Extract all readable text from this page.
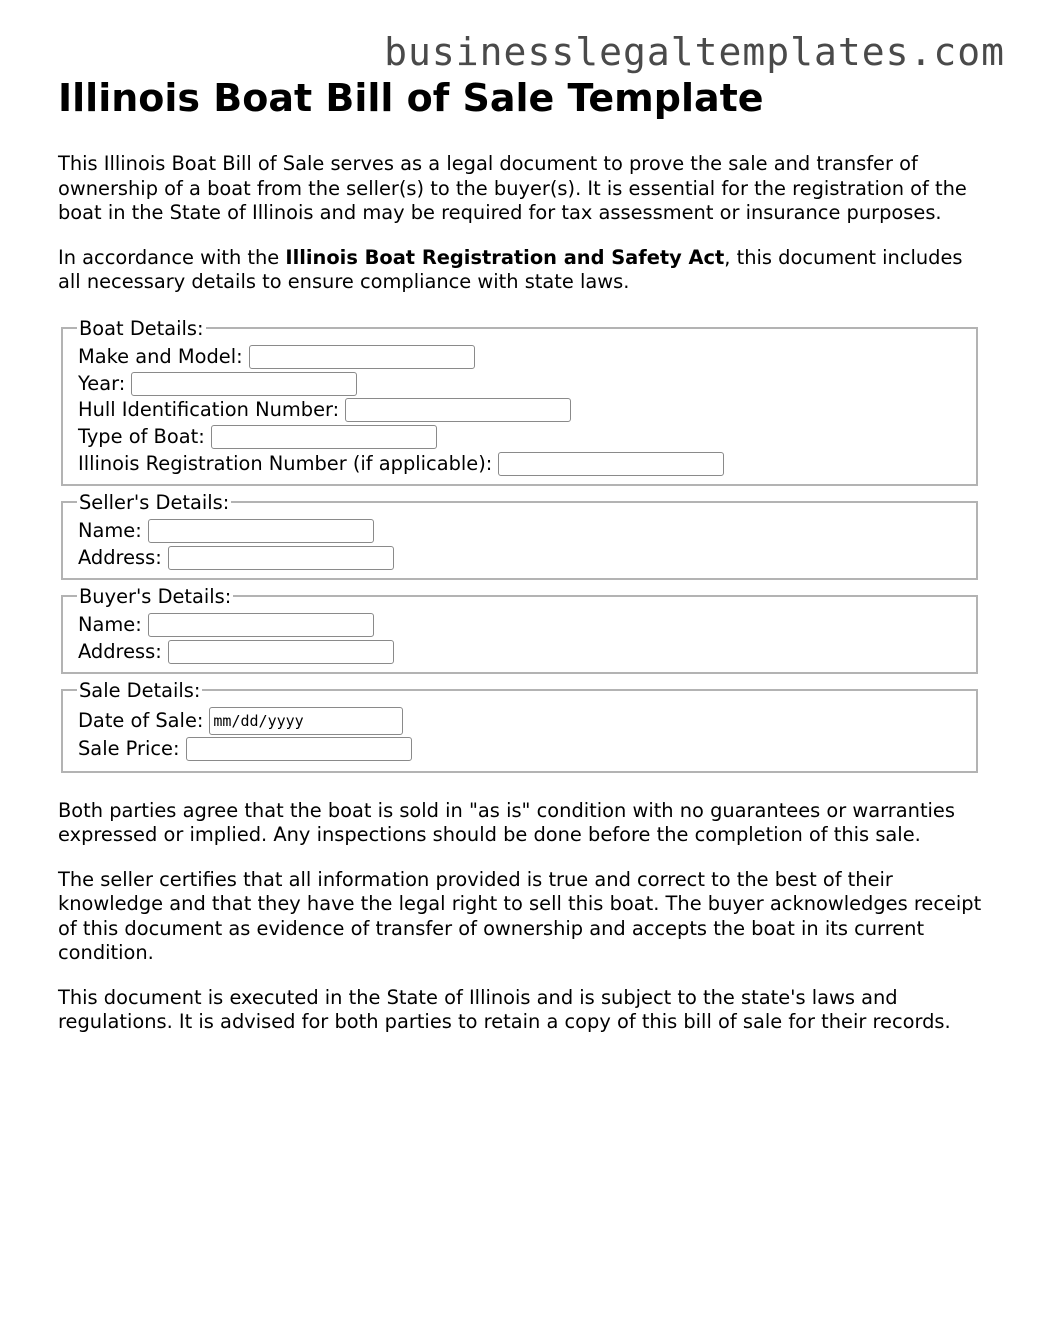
businesslegaltemplates.com
Illinois Boat Bill of Sale Template

This Illinois Boat Bill of Sale serves as a legal document to prove the sale and transfer of ownership of a boat from the seller(s) to the buyer(s). It is essential for the registration of the boat in the State of Illinois and may be required for tax assessment or insurance purposes.

In accordance with the Illinois Boat Registration and Safety Act, this document includes all necessary details to ensure compliance with state laws.

Boat Details:
Make and Model:
Year:
Hull Identification Number:
Type of Boat:
Illinois Registration Number (if applicable):
Seller's Details:
Name:
Address:
Buyer's Details:
Name:
Address:
Sale Details:
Date of Sale:
mm/dd/yyyy
Sale Price:

Both parties agree that the boat is sold in "as is" condition with no guarantees or warranties expressed or implied. Any inspections should be done before the completion of this sale.

The seller certifies that all information provided is true and correct to the best of their knowledge and that they have the legal right to sell this boat. The buyer acknowledges receipt of this document as evidence of transfer of ownership and accepts the boat in its current condition.

This document is executed in the State of Illinois and is subject to the state's laws and regulations. It is advised for both parties to retain a copy of this bill of sale for their records.
